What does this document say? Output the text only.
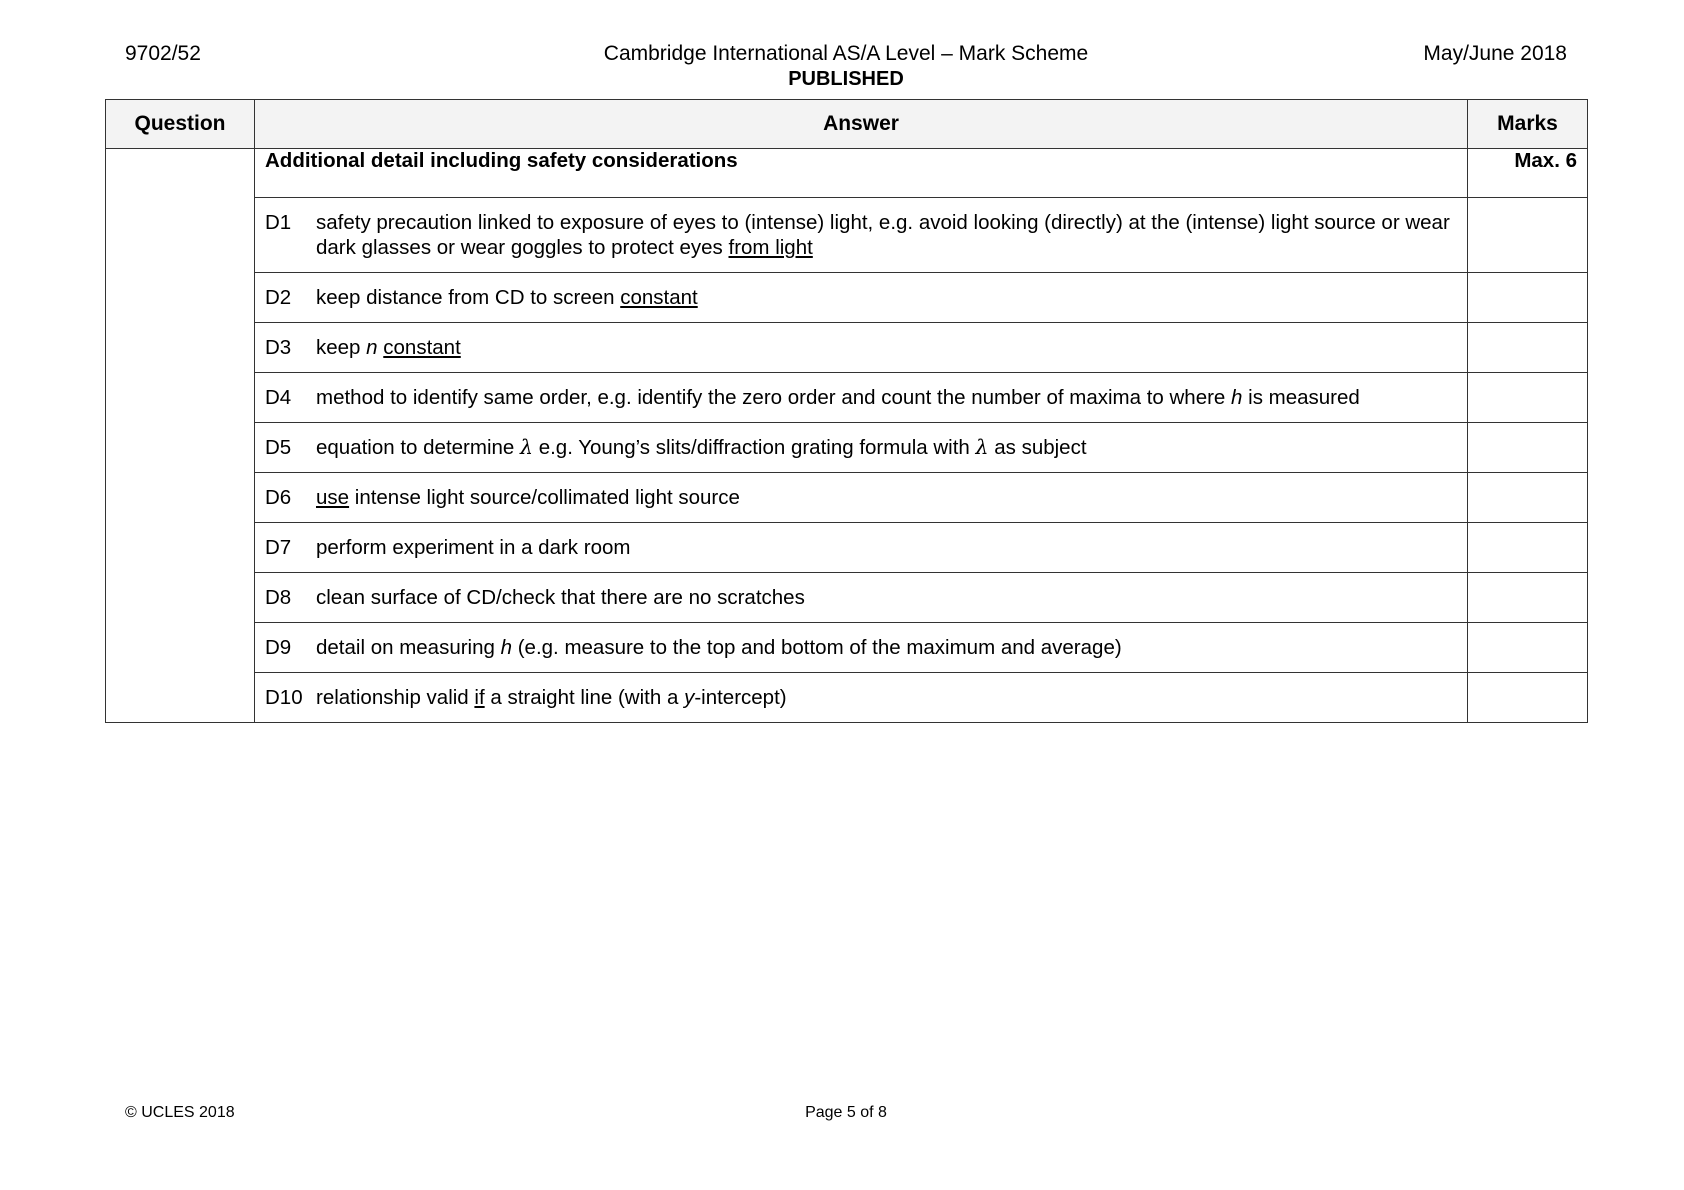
9702/52	Cambridge International AS/A Level – Mark Scheme
PUBLISHED
May/June 2018
Question	Answer	Marks
	Additional detail including safety considerations	Max. 6

	D1 safety precaution linked to exposure of eyes to (intense) light, e.g. avoid looking (directly) at the (intense) light source or wear dark glasses or wear goggles to protect eyes from light	

	D2 keep distance from CD to screen constant	

	D3 keep n constant	

	D4 method to identify same order, e.g. identify the zero order and count the number of maxima to where h is measured	

	D5 equation to determine λ e.g. Young’s slits/diffraction grating formula with λ as subject	

	D6 use intense light source/collimated light source	

	D7 perform experiment in a dark room	

	D8 clean surface of CD/check that there are no scratches	

	D9 detail on measuring h (e.g. measure to the top and bottom of the maximum and average)	

	D10 relationship valid if a straight line (with a y-intercept)	

© UCLES 2018	Page 5 of 8
